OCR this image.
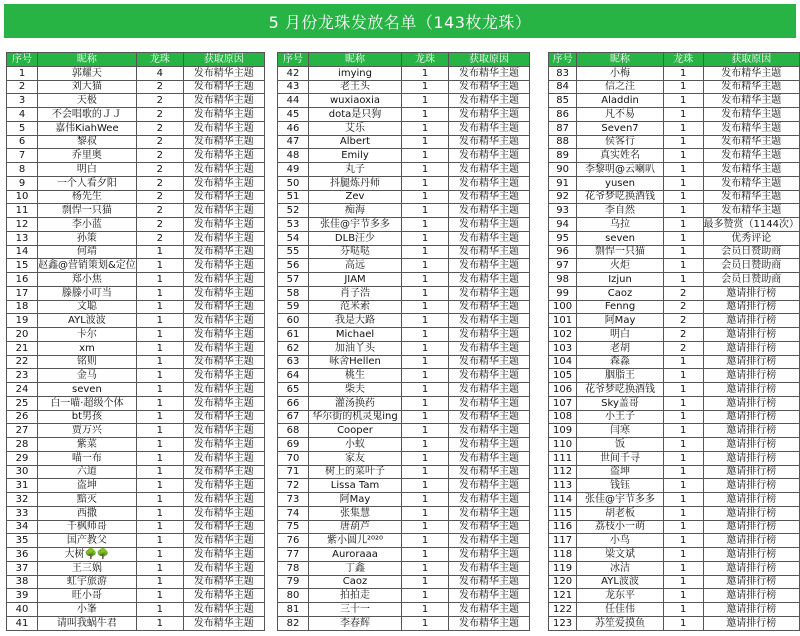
5 月份龙珠发放名单（143枚龙珠）
序号	昵称	龙珠	获取原因
1	郭耀天	4	发布精华主题
2	刘大猫	2	发布精华主题
3	天极	2	发布精华主题
4	不会唱歌的ＪＪ	2	发布精华主题
5	嘉伟KiahWee	2	发布精华主题
6	黎叔	2	发布精华主题
7	乔里奥	2	发布精华主题
8	明白	2	发布精华主题
9	一个人看夕阳	2	发布精华主题
10	杨先生	2	发布精华主题
11	剽悍一只猫	2	发布精华主题
12	李小蓝	2	发布精华主题
13	孙策	2	发布精华主题
14	何靖	1	发布精华主题
15	赵鑫@营销策划&定位	1	发布精华主题
16	郑小焦	1	发布精华主题
17	滕滕小叮当	1	发布精华主题
18	文聪	1	发布精华主题
19	AYL波波	1	发布精华主题
20	卡尔	1	发布精华主题
21	xm	1	发布精华主题
22	铭则	1	发布精华主题
23	金马	1	发布精华主题
24	seven	1	发布精华主题
25	白一喵·超级个体	1	发布精华主题
26	bt男孩	1	发布精华主题
27	贾万兴	1	发布精华主题
28	紫菜	1	发布精华主题
29	喵一布	1	发布精华主题
30	六道	1	发布精华主题
31	盗坤	1	发布精华主题
32	黯灭	1	发布精华主题
33	西撒	1	发布精华主题
34	千枫师哥	1	发布精华主题
35	国产教父	1	发布精华主题
36	大树🌳🌳	1	发布精华主题
37	王三娲	1	发布精华主题
38	虹宇旅游	1	发布精华主题
39	旺小哥	1	发布精华主题
40	小峯	1	发布精华主题
41	请叫我蜗牛君	1	发布精华主题
序号	昵称	龙珠	获取原因
42	imying	1	发布精华主题
43	老王头	1	发布精华主题
44	wuxiaoxia	1	发布精华主题
45	dota是只狗	1	发布精华主题
46	艾乐	1	发布精华主题
47	Albert	1	发布精华主题
48	Emily	1	发布精华主题
49	丸子	1	发布精华主题
50	抖腿炼丹师	1	发布精华主题
51	Zev	1	发布精华主题
52	痴海	1	发布精华主题
53	张佳@宇节多多	1	发布精华主题
54	DLB汪少	1	发布精华主题
55	芬哒哒	1	发布精华主题
56	高远	1	发布精华主题
57	JIAM	1	发布精华主题
58	肖子浩	1	发布精华主题
59	范米索	1	发布精华主题
60	我是大路	1	发布精华主题
61	Michael	1	发布精华主题
62	加油丫头	1	发布精华主题
63	咏舍Hellen	1	发布精华主题
64	桃生	1	发布精华主题
65	柴夫	1	发布精华主题
66	灌汤换药	1	发布精华主题
67	华尔街的机灵鬼ing	1	发布精华主题
68	Cooper	1	发布精华主题
69	小蚁	1	发布精华主题
70	家友	1	发布精华主题
71	树上的菜叶子	1	发布精华主题
72	Lissa Tam	1	发布精华主题
73	阿May	1	发布精华主题
74	张集慧	1	发布精华主题
75	唐葫芦	1	发布精华主题
76	紫小圆儿²⁰²⁰	1	发布精华主题
77	Auroraaa	1	发布精华主题
78	丁鑫	1	发布精华主题
79	Caoz	1	发布精华主题
80	拍拍走	1	发布精华主题
81	三十一	1	发布精华主题
82	李春辉	1	发布精华主题
序号	昵称	龙珠	获取原因
83	小梅	1	发布精华主题
84	信之注	1	发布精华主题
85	Aladdin	1	发布精华主题
86	凡不易	1	发布精华主题
87	Seven7	1	发布精华主题
88	侯客行	1	发布精华主题
89	真实姓名	1	发布精华主题
90	李黎明@云喇叭	1	发布精华主题
91	yusen	1	发布精华主题
92	花爷梦呓换酒钱	1	发布精华主题
93	李自然	1	发布精华主题
94	乌拉	1	最多赞赏（1144次）
95	seven	1	优秀评论
96	剽悍一只猫	1	会员日赞助商
97	火炬	1	会员日赞助商
98	Izjun	1	会员日赞助商
99	Caoz	2	邀请排行榜
100	Fenng	2	邀请排行榜
101	阿May	2	邀请排行榜
102	明白	2	邀请排行榜
103	老胡	2	邀请排行榜
104	森淼	1	邀请排行榜
105	胭脂王	1	邀请排行榜
106	花爷梦呓换酒钱	1	邀请排行榜
107	Sky盖哥	1	邀请排行榜
108	小王子	1	邀请排行榜
109	闫寒	1	邀请排行榜
110	饭	1	邀请排行榜
111	世间千寻	1	邀请排行榜
112	盗坤	1	邀请排行榜
113	钱钰	1	邀请排行榜
114	张佳@宇节多多	1	邀请排行榜
115	胡老板	1	邀请排行榜
116	荔枝小一萌	1	邀请排行榜
117	小鸟	1	邀请排行榜
118	梁文斌	1	邀请排行榜
119	冰洁	1	邀请排行榜
120	AYL波波	1	邀请排行榜
121	龙东平	1	邀请排行榜
122	任佳伟	1	邀请排行榜
123	苏笙爱摸鱼	1	邀请排行榜
